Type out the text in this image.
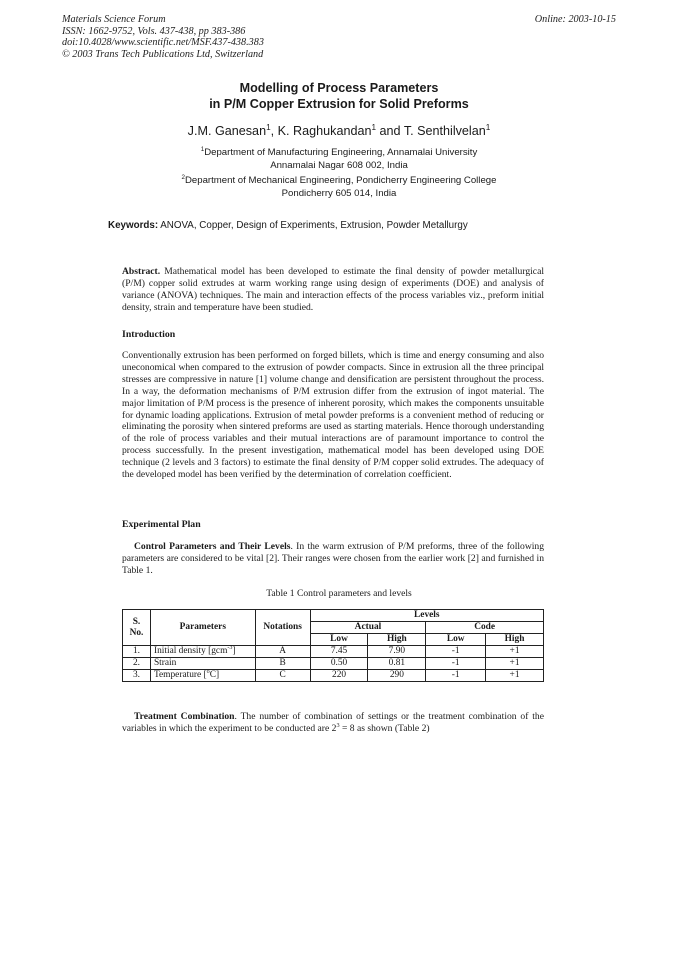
Materials Science Forum
ISSN: 1662-9752, Vols. 437-438, pp 383-386
doi:10.4028/www.scientific.net/MSF.437-438.383
© 2003 Trans Tech Publications Ltd, Switzerland
Online: 2003-10-15
Modelling of Process Parameters
in P/M Copper Extrusion for Solid Preforms
J.M. Ganesan$^1$, K. Raghukandan$^1$ and T. Senthilvelan$^1$
$^1$Department of Manufacturing Engineering, Annamalai University
Annamalai Nagar 608 002, India
$^2$Department of Mechanical Engineering, Pondicherry Engineering College
Pondicherry 605 014, India
Keywords: ANOVA, Copper, Design of Experiments, Extrusion, Powder Metallurgy
Abstract. Mathematical model has been developed to estimate the final density of powder metallurgical (P/M) copper solid extrudes at warm working range using design of experiments (DOE) and analysis of variance (ANOVA) techniques. The main and interaction effects of the process variables viz., preform initial density, strain and temperature have been studied.
Introduction
Conventionally extrusion has been performed on forged billets, which is time and energy consuming and also uneconomical when compared to the extrusion of powder compacts. Since in extrusion all the three principal stresses are compressive in nature [1] volume change and densification are persistent throughout the process. In a way, the deformation mechanisms of P/M extrusion differ from the extrusion of ingot material. The major limitation of P/M process is the presence of inherent porosity, which makes the components unsuitable for dynamic loading applications. Extrusion of metal powder preforms is a convenient method of reducing or eliminating the porosity when sintered preforms are used as starting materials. Hence thorough understanding of the role of process variables and their mutual interactions are of paramount importance to control the process successfully. In the present investigation, mathematical model has been developed using DOE technique (2 levels and 3 factors) to estimate the final density of P/M copper solid extrudes. The adequacy of the developed model has been verified by the determination of correlation coefficient.
Experimental Plan
Control Parameters and Their Levels. In the warm extrusion of P/M preforms, three of the following parameters are considered to be vital [2]. Their ranges were chosen from the earlier work [2] and furnished in Table 1.
Table 1 Control parameters and levels
S. No.	Parameters	Notations	Levels			
			Actual		Code	
			Low	High	Low	High
1.	Initial density [gcm$^{-3}$]	A	7.45	7.90	-1	+1
2.	Strain	B	0.50	0.81	-1	+1
3.	Temperature [$^o$C]	C	220	290	-1	+1
Treatment Combination. The number of combination of settings or the treatment combination of the variables in which the experiment to be conducted are $2^3 = 8$ as shown (Table 2)
